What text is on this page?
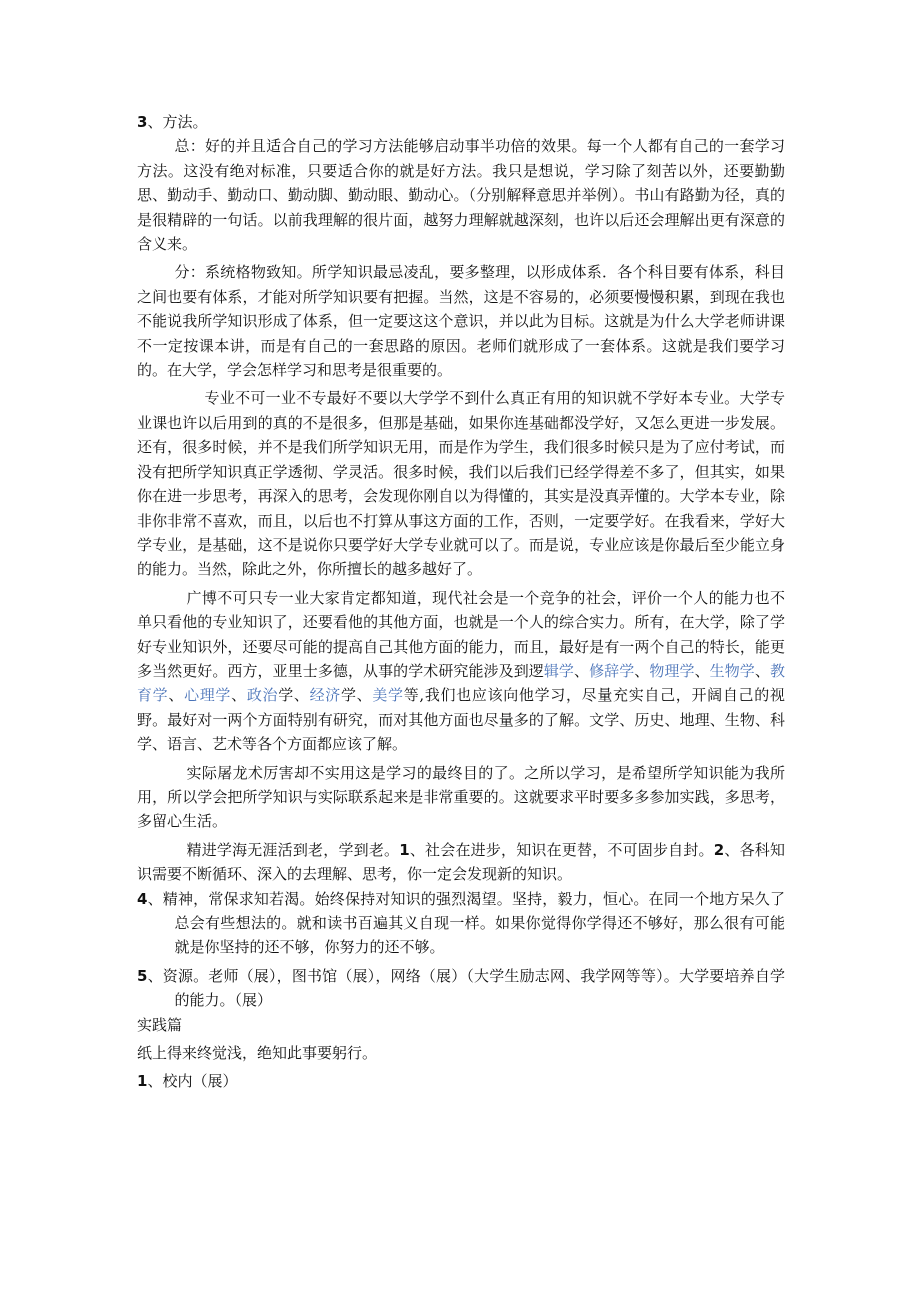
3、方法。

总：好的并且适合自己的学习方法能够启动事半功倍的效果。每一个人都有自己的一套学习方法。这没有绝对标准，只要适合你的就是好方法。我只是想说，学习除了刻苦以外，还要勤勤思、勤动手、勤动口、勤动脚、勤动眼、勤动心。（分别解释意思并举例）。书山有路勤为径，真的是很精辟的一句话。以前我理解的很片面，越努力理解就越深刻，也许以后还会理解出更有深意的含义来。

分：系统格物致知。所学知识最忌凌乱，要多整理，以形成体系．各个科目要有体系，科目之间也要有体系，才能对所学知识要有把握。当然，这是不容易的，必须要慢慢积累，到现在我也不能说我所学知识形成了体系，但一定要这这个意识，并以此为目标。这就是为什么大学老师讲课不一定按课本讲，而是有自己的一套思路的原因。老师们就形成了一套体系。这就是我们要学习的。在大学，学会怎样学习和思考是很重要的。

专业不可一业不专最好不要以大学学不到什么真正有用的知识就不学好本专业。大学专业课也许以后用到的真的不是很多，但那是基础，如果你连基础都没学好，又怎么更进一步发展。还有，很多时候，并不是我们所学知识无用，而是作为学生，我们很多时候只是为了应付考试，而没有把所学知识真正学透彻、学灵活。很多时候，我们以后我们已经学得差不多了，但其实，如果你在进一步思考，再深入的思考，会发现你刚自以为得懂的，其实是没真弄懂的。大学本专业，除非你非常不喜欢，而且，以后也不打算从事这方面的工作，否则，一定要学好。在我看来，学好大学专业，是基础，这不是说你只要学好大学专业就可以了。而是说，专业应该是你最后至少能立身的能力。当然，除此之外，你所擅长的越多越好了。

广博不可只专一业大家肯定都知道，现代社会是一个竞争的社会，评价一个人的能力也不单只看他的专业知识了，还要看他的其他方面，也就是一个人的综合实力。所有，在大学，除了学好专业知识外，还要尽可能的提高自己其他方面的能力，而且，最好是有一两个自己的特长，能更多当然更好。西方，亚里士多德，从事的学术研究能涉及到逻辑学、修辞学、物理学、生物学、教育学、心理学、政治学、经济学、美学等,我们也应该向他学习，尽量充实自己，开阔自己的视野。最好对一两个方面特别有研究，而对其他方面也尽量多的了解。文学、历史、地理、生物、科学、语言、艺术等各个方面都应该了解。

实际屠龙术厉害却不实用这是学习的最终目的了。之所以学习，是希望所学知识能为我所用，所以学会把所学知识与实际联系起来是非常重要的。这就要求平时要多多参加实践，多思考，多留心生活。

精进学海无涯活到老，学到老。1、社会在进步，知识在更替，不可固步自封。2、各科知识需要不断循环、深入的去理解、思考，你一定会发现新的知识。

4、精神，常保求知若渴。始终保持对知识的强烈渴望。坚持，毅力，恒心。在同一个地方呆久了总会有些想法的。就和读书百遍其义自现一样。如果你觉得你学得还不够好，那么很有可能就是你坚持的还不够，你努力的还不够。

5、资源。老师（展），图书馆（展），网络（展）（大学生励志网、我学网等等）。大学要培养自学的能力。（展）

实践篇

纸上得来终觉浅，绝知此事要躬行。

1、校内（展）
